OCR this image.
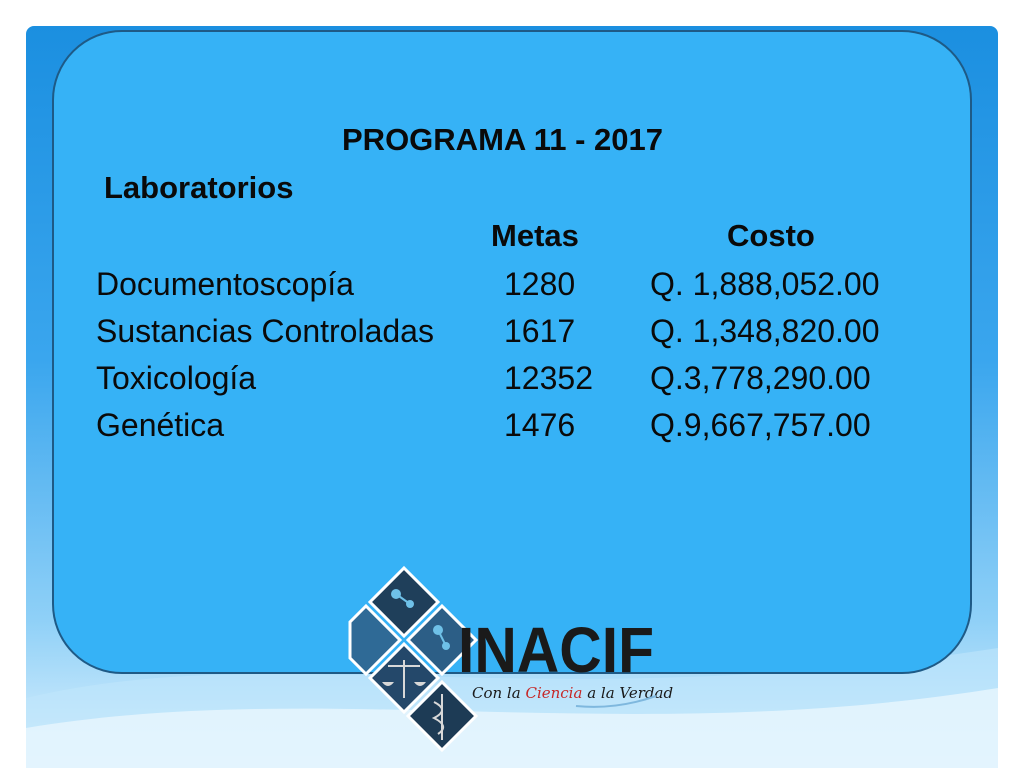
PROGRAMA 11 - 2017
Laboratorios
Metas	Costo
Documentoscopía	1280 Q. 1,888,052.00
Sustancias Controladas 1617 Q. 1,348,820.00
Toxicología	12352 Q.3,778,290.00
Genética	1476 Q.9,667,757.00
INACIF
Con la Ciencia a la Verdad
